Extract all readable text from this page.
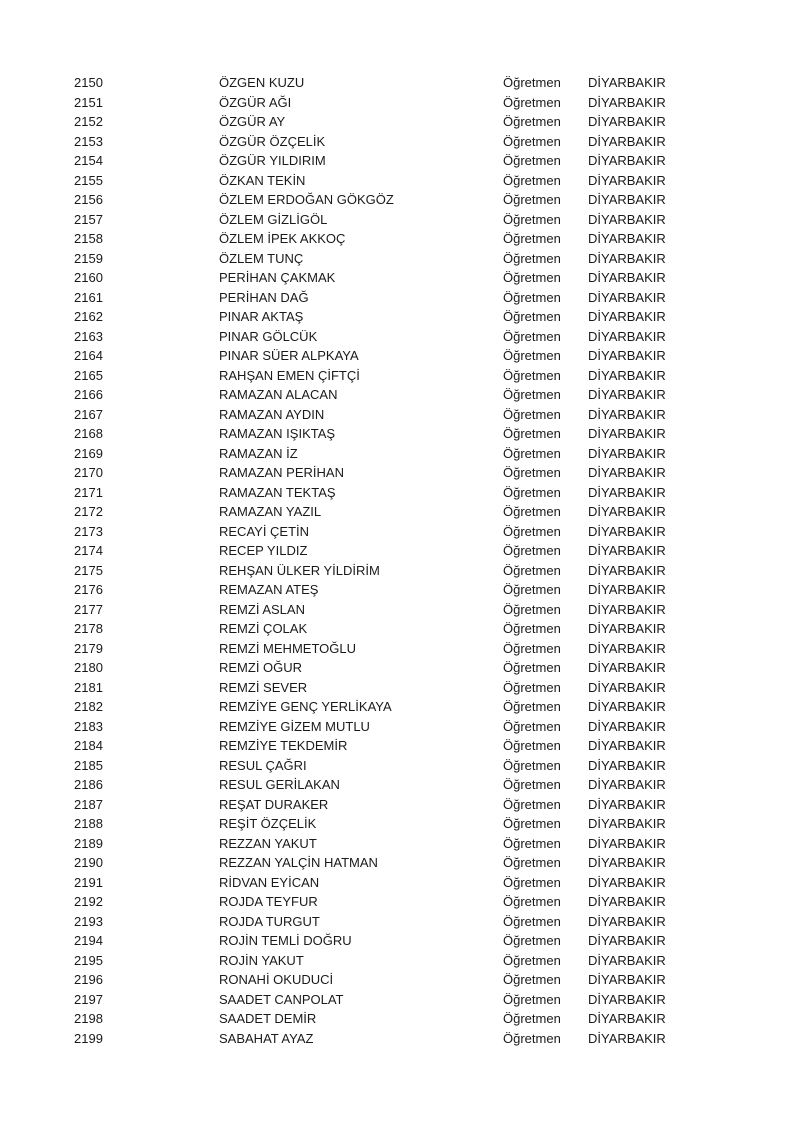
2150	ÖZGEN KUZU	Öğretmen DİYARBAKIR
2151	ÖZGÜR AĞI	Öğretmen DİYARBAKIR
2152	ÖZGÜR AY	Öğretmen DİYARBAKIR
2153	ÖZGÜR ÖZÇELİK	Öğretmen DİYARBAKIR
2154	ÖZGÜR YILDIRIM	Öğretmen DİYARBAKIR
2155	ÖZKAN TEKİN	Öğretmen DİYARBAKIR
2156	ÖZLEM ERDOĞAN GÖKGÖZ	Öğretmen DİYARBAKIR
2157	ÖZLEM GİZLİGÖL	Öğretmen DİYARBAKIR
2158	ÖZLEM İPEK AKKOÇ	Öğretmen DİYARBAKIR
2159	ÖZLEM TUNÇ	Öğretmen DİYARBAKIR
2160	PERİHAN ÇAKMAK	Öğretmen DİYARBAKIR
2161	PERİHAN DAĞ	Öğretmen DİYARBAKIR
2162	PINAR AKTAŞ	Öğretmen DİYARBAKIR
2163	PINAR GÖLCÜK	Öğretmen DİYARBAKIR
2164	PINAR SÜER ALPKAYA	Öğretmen DİYARBAKIR
2165	RAHŞAN EMEN ÇİFTÇİ	Öğretmen DİYARBAKIR
2166	RAMAZAN ALACAN	Öğretmen DİYARBAKIR
2167	RAMAZAN AYDIN	Öğretmen DİYARBAKIR
2168	RAMAZAN IŞIKTAŞ	Öğretmen DİYARBAKIR
2169	RAMAZAN İZ	Öğretmen DİYARBAKIR
2170	RAMAZAN PERİHAN	Öğretmen DİYARBAKIR
2171	RAMAZAN TEKTAŞ	Öğretmen DİYARBAKIR
2172	RAMAZAN YAZIL	Öğretmen DİYARBAKIR
2173	RECAYİ ÇETİN	Öğretmen DİYARBAKIR
2174	RECEP YILDIZ	Öğretmen DİYARBAKIR
2175	REHŞAN ÜLKER YİLDİRİM	Öğretmen DİYARBAKIR
2176	REMAZAN ATEŞ	Öğretmen DİYARBAKIR
2177	REMZİ ASLAN	Öğretmen DİYARBAKIR
2178	REMZİ ÇOLAK	Öğretmen DİYARBAKIR
2179	REMZİ MEHMETOĞLU	Öğretmen DİYARBAKIR
2180	REMZİ OĞUR	Öğretmen DİYARBAKIR
2181	REMZİ SEVER	Öğretmen DİYARBAKIR
2182	REMZİYE GENÇ YERLİKAYA	Öğretmen DİYARBAKIR
2183	REMZİYE GİZEM MUTLU	Öğretmen DİYARBAKIR
2184	REMZİYE TEKDEMİR	Öğretmen DİYARBAKIR
2185	RESUL ÇAĞRI	Öğretmen DİYARBAKIR
2186	RESUL GERİLAKAN	Öğretmen DİYARBAKIR
2187	REŞAT DURAKER	Öğretmen DİYARBAKIR
2188	REŞİT ÖZÇELİK	Öğretmen DİYARBAKIR
2189	REZZAN YAKUT	Öğretmen DİYARBAKIR
2190	REZZAN YALÇİN HATMAN	Öğretmen DİYARBAKIR
2191	RİDVAN EYİCAN	Öğretmen DİYARBAKIR
2192	ROJDA TEYFUR	Öğretmen DİYARBAKIR
2193	ROJDA TURGUT	Öğretmen DİYARBAKIR
2194	ROJİN TEMLİ DOĞRU	Öğretmen DİYARBAKIR
2195	ROJİN YAKUT	Öğretmen DİYARBAKIR
2196	RONAHİ OKUDUCİ	Öğretmen DİYARBAKIR
2197	SAADET CANPOLAT	Öğretmen DİYARBAKIR
2198	SAADET DEMİR	Öğretmen DİYARBAKIR
2199	SABAHAT AYAZ	Öğretmen DİYARBAKIR
